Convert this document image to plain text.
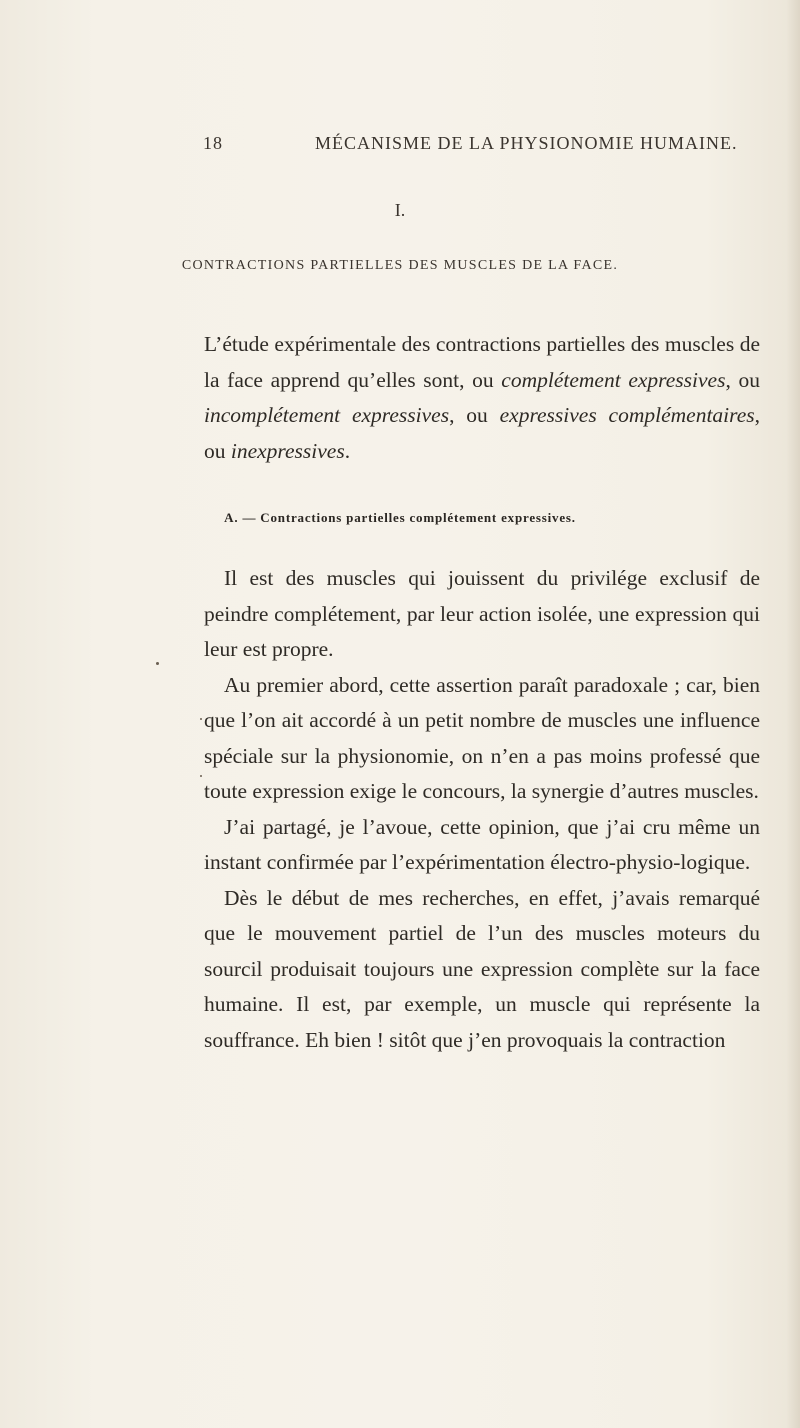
18	MÉCANISME DE LA PHYSIONOMIE HUMAINE.
I.
CONTRACTIONS PARTIELLES DES MUSCLES DE LA FACE.

L’étude expérimentale des contractions partielles des muscles de la face apprend qu’elles sont, ou complétement expressives, ou incomplétement expressives, ou expressives complémentaires, ou inexpressives.

A. — Contractions partielles complétement expressives.

Il est des muscles qui jouissent du privilége exclusif de peindre complétement, par leur action isolée, une expression qui leur est propre.

Au premier abord, cette assertion paraît paradoxale ; car, bien que l’on ait accordé à un petit nombre de muscles une influence spéciale sur la physionomie, on n’en a pas moins professé que toute expression exige le concours, la synergie d’autres muscles.

J’ai partagé, je l’avoue, cette opinion, que j’ai cru même un instant confirmée par l’expérimentation électro-physio-logique.

Dès le début de mes recherches, en effet, j’avais remarqué que le mouvement partiel de l’un des muscles moteurs du sourcil produisait toujours une expression complète sur la face humaine. Il est, par exemple, un muscle qui représente la souffrance. Eh bien ! sitôt que j’en provoquais la contraction
